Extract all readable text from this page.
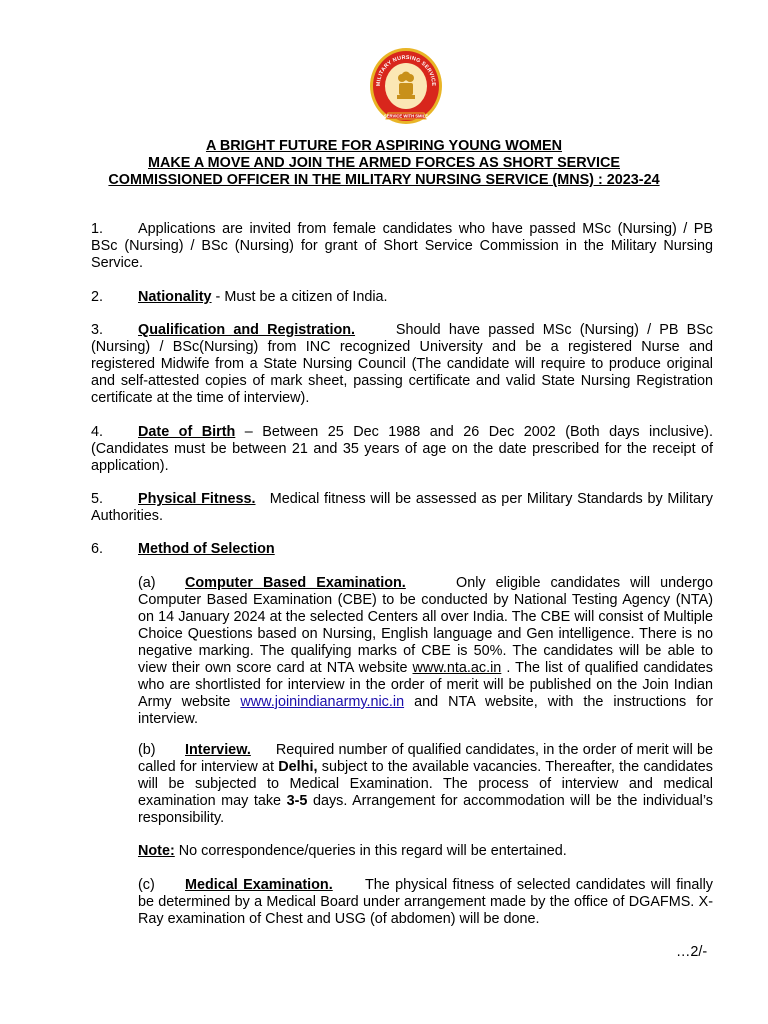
MILITARY NURSING SERVICE
SERVICE WITH SMILE
A BRIGHT FUTURE FOR ASPIRING YOUNG WOMEN
MAKE A MOVE AND JOIN THE ARMED FORCES AS SHORT SERVICE
COMMISSIONED OFFICER IN THE MILITARY NURSING SERVICE (MNS) : 2023-24
1. Applications are invited from female candidates who have passed MSc (Nursing) / PB BSc (Nursing) / BSc (Nursing) for grant of Short Service Commission in the Military Nursing Service.
2. Nationality - Must be a citizen of India.
3. Qualification and Registration.	Should have passed MSc (Nursing) / PB BSc (Nursing) / BSc(Nursing) from INC recognized University and be a registered Nurse and registered Midwife from a State Nursing Council (The candidate will require to produce original and self-attested copies of mark sheet, passing certificate and valid State Nursing Registration certificate at the time of interview).
4. Date of Birth – Between 25 Dec 1988 and 26 Dec 2002 (Both days inclusive). (Candidates must be between 21 and 35 years of age on the date prescribed for the receipt of application).
5. Physical Fitness. Medical fitness will be assessed as per Military Standards by Military Authorities.
6. Method of Selection
(a) Computer Based Examination.	Only eligible candidates will undergo Computer Based Examination (CBE) to be conducted by National Testing Agency (NTA) on 14 January 2024 at the selected Centers all over India. The CBE will consist of Multiple Choice Questions based on Nursing, English language and Gen intelligence. There is no negative marking. The qualifying marks of CBE is 50%. The candidates will be able to view their own score card at NTA website www.nta.ac.in . The list of qualified candidates who are shortlisted for interview in the order of merit will be published on the Join Indian Army website www.joinindianarmy.nic.in and NTA website, with the instructions for interview.
(b) Interview. Required number of qualified candidates, in the order of merit will be called for interview at Delhi, subject to the available vacancies. Thereafter, the candidates will be subjected to Medical Examination. The process of interview and medical examination may take 3-5 days. Arrangement for accommodation will be the individual’s responsibility.
Note: No correspondence/queries in this regard will be entertained.
(c) Medical Examination. The physical fitness of selected candidates will finally be determined by a Medical Board under arrangement made by the office of DGAFMS. X-Ray examination of Chest and USG (of abdomen) will be done.
…2/-
